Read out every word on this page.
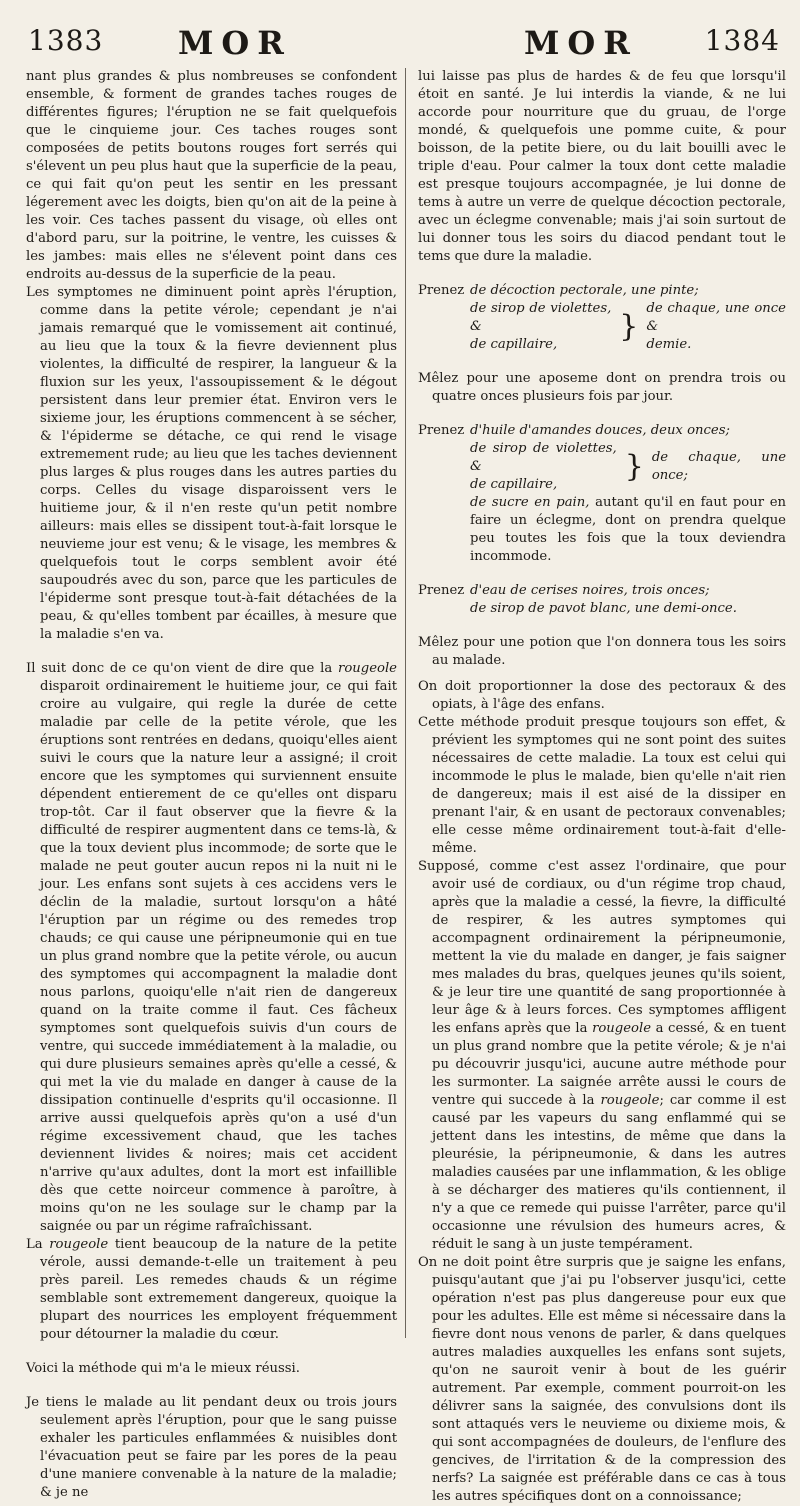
1383 MOR	MOR 1384

nant plus grandes & plus nombreuses se confondent ensemble, & forment de grandes taches rouges de différentes figures; l'éruption ne se fait quelquefois que le cinquieme jour. Ces taches rouges sont composées de petits boutons rouges fort serrés qui s'élevent un peu plus haut que la superficie de la peau, ce qui fait qu'on peut les sentir en les pressant légerement avec les doigts, bien qu'on ait de la peine à les voir. Ces taches passent du visage, où elles ont d'abord paru, sur la poitrine, le ventre, les cuisses & les jambes: mais elles ne s'élevent point dans ces endroits au-dessus de la superficie de la peau.

Les symptomes ne diminuent point après l'éruption, comme dans la petite vérole; cependant je n'ai jamais remarqué que le vomissement ait continué, au lieu que la toux & la fievre deviennent plus violentes, la difficulté de respirer, la langueur & la fluxion sur les yeux, l'assoupissement & le dégout persistent dans leur premier état. Environ vers le sixieme jour, les éruptions commencent à se sécher, & l'épiderme se détache, ce qui rend le visage extremement rude; au lieu que les taches deviennent plus larges & plus rouges dans les autres parties du corps. Celles du visage disparoissent vers le huitieme jour, & il n'en reste qu'un petit nombre ailleurs: mais elles se dissipent tout-à-fait lorsque le neuvieme jour est venu; & le visage, les membres & quelquefois tout le corps semblent avoir été saupoudrés avec du son, parce que les particules de l'épiderme sont presque tout-à-fait détachées de la peau, & qu'elles tombent par écailles, à mesure que la maladie s'en va.

Il suit donc de ce qu'on vient de dire que la rougeole disparoit ordinairement le huitieme jour, ce qui fait croire au vulgaire, qui regle la durée de cette maladie par celle de la petite vérole, que les éruptions sont rentrées en dedans, quoiqu'elles aient suivi le cours que la nature leur a assigné; il croit encore que les symptomes qui surviennent ensuite dépendent entierement de ce qu'elles ont disparu trop-tôt. Car il faut observer que la fievre & la difficulté de respirer augmentent dans ce tems-là, & que la toux devient plus incommode; de sorte que le malade ne peut gouter aucun repos ni la nuit ni le jour. Les enfans sont sujets à ces accidens vers le déclin de la maladie, surtout lorsqu'on a hâté l'éruption par un régime ou des remedes trop chauds; ce qui cause une péripneumonie qui en tue un plus grand nombre que la petite vérole, ou aucun des symptomes qui accompagnent la maladie dont nous parlons, quoiqu'elle n'ait rien de dangereux quand on la traite comme il faut. Ces fâcheux symptomes sont quelquefois suivis d'un cours de ventre, qui succede immédiatement à la maladie, ou qui dure plusieurs semaines après qu'elle a cessé, & qui met la vie du malade en danger à cause de la dissipation continuelle d'esprits qu'il occasionne. Il arrive aussi quelquefois après qu'on a usé d'un régime excessivement chaud, que les taches deviennent livides & noires; mais cet accident n'arrive qu'aux adultes, dont la mort est infaillible dès que cette noirceur commence à paroître, à moins qu'on ne les soulage sur le champ par la saignée ou par un régime rafraîchissant.

La rougeole tient beaucoup de la nature de la petite vérole, aussi demande-t-elle un traitement à peu près pareil. Les remedes chauds & un régime semblable sont extremement dangereux, quoique la plupart des nourrices les employent fréquemment pour détourner la maladie du cœur.

Voici la méthode qui m'a le mieux réussi.

Je tiens le malade au lit pendant deux ou trois jours seulement après l'éruption, pour que le sang puisse exhaler les particules enflammées & nuisibles dont l'évacuation peut se faire par les pores de la peau d'une maniere convenable à la nature de la maladie; & je ne

lui laisse pas plus de hardes & de feu que lorsqu'il étoit en santé. Je lui interdis la viande, & ne lui accorde pour nourriture que du gruau, de l'orge mondé, & quelquefois une pomme cuite, & pour boisson, de la petite biere, ou du lait bouilli avec le triple d'eau. Pour calmer la toux dont cette maladie est presque toujours accompagnée, je lui donne de tems à autre un verre de quelque décoction pectorale, avec un éclegme convenable; mais j'ai soin surtout de lui donner tous les soirs du diacod pendant tout le tems que dure la maladie.

Prenez de décoction pectorale, une pinte;
de sirop de violettes, &
de capillaire,
}
de chaque, une once &
demie.

Mêlez pour une aposeme dont on prendra trois ou quatre onces plusieurs fois par jour.

Prenez d'huile d'amandes douces, deux onces;
de sirop de violettes, &
de capillaire,
} de chaque, une once;
de sucre en pain, autant qu'il en faut pour en faire un éclegme, dont on prendra quelque peu toutes les fois que la toux deviendra incommode.
Prenez d'eau de cerises noires, trois onces;
de sirop de pavot blanc, une demi-once.

Mêlez pour une potion que l'on donnera tous les soirs au malade.

On doit proportionner la dose des pectoraux & des opiats, à l'âge des enfans.

Cette méthode produit presque toujours son effet, & prévient les symptomes qui ne sont point des suites nécessaires de cette maladie. La toux est celui qui incommode le plus le malade, bien qu'elle n'ait rien de dangereux; mais il est aisé de la dissiper en prenant l'air, & en usant de pectoraux convenables; elle cesse même ordinairement tout-à-fait d'elle-même.

Supposé, comme c'est assez l'ordinaire, que pour avoir usé de cordiaux, ou d'un régime trop chaud, après que la maladie a cessé, la fievre, la difficulté de respirer, & les autres symptomes qui accompagnent ordinairement la péripneumonie, mettent la vie du malade en danger, je fais saigner mes malades du bras, quelques jeunes qu'ils soient, & je leur tire une quantité de sang proportionnée à leur âge & à leurs forces. Ces symptomes affligent les enfans après que la rougeole a cessé, & en tuent un plus grand nombre que la petite vérole; & je n'ai pu découvrir jusqu'ici, aucune autre méthode pour les surmonter. La saignée arrête aussi le cours de ventre qui succede à la rougeole; car comme il est causé par les vapeurs du sang enflammé qui se jettent dans les intestins, de même que dans la pleurésie, la péripneumonie, & dans les autres maladies causées par une inflammation, & les oblige à se décharger des matieres qu'ils contiennent, il n'y a que ce remede qui puisse l'arrêter, parce qu'il occasionne une révulsion des humeurs acres, & réduit le sang à un juste tempérament.

On ne doit point être surpris que je saigne les enfans, puisqu'autant que j'ai pu l'observer jusqu'ici, cette opération n'est pas plus dangereuse pour eux que pour les adultes. Elle est même si nécessaire dans la fievre dont nous venons de parler, & dans quelques autres maladies auxquelles les enfans sont sujets, qu'on ne sauroit venir à bout de les guérir autrement. Par exemple, comment pourroit-on les délivrer sans la saignée, des convulsions dont ils sont attaqués vers le neuvieme ou dixieme mois, & qui sont accompagnées de douleurs, de l'enflure des gencives, de l'irritation & de la compression des nerfs? La saignée est préférable dans ce cas à tous les autres spécifiques dont on a connoissance;
